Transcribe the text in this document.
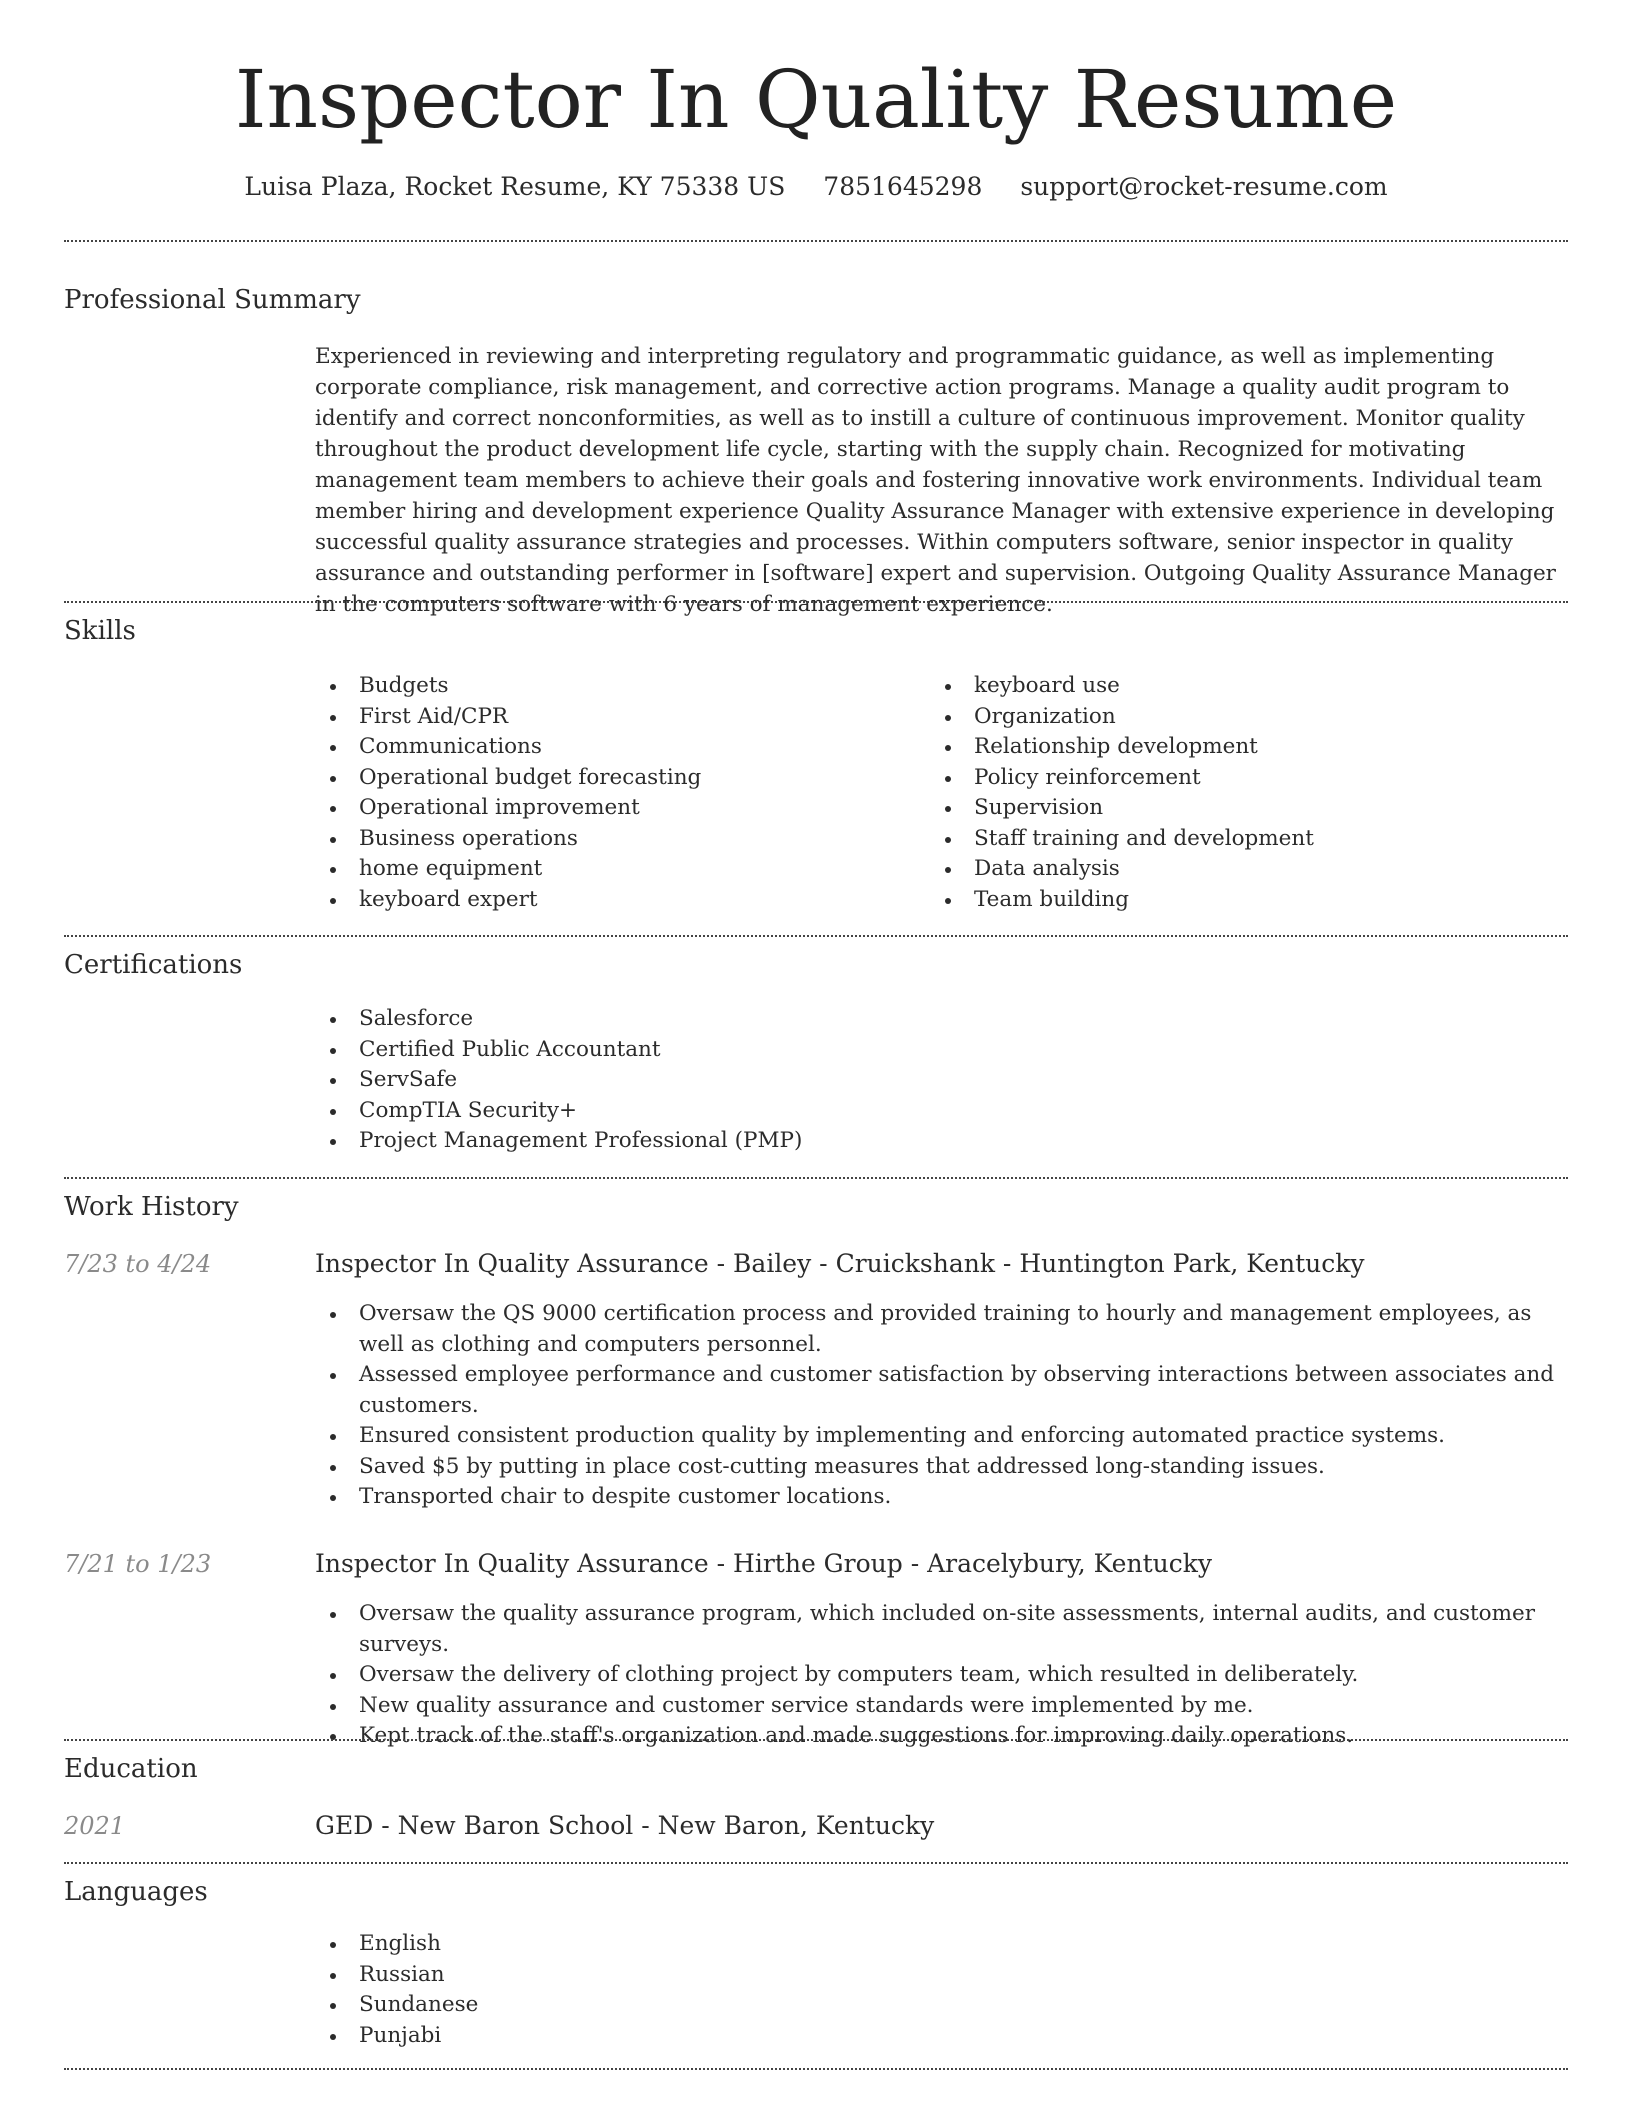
Inspector In Quality Resume
Luisa Plaza, Rocket Resume, KY 75338 US 7851645298 support@rocket-resume.com
Professional Summary

Experienced in reviewing and interpreting regulatory and programmatic guidance, as well as implementing corporate compliance, risk management, and corrective action programs. Manage a quality audit program to identify and correct nonconformities, as well as to instill a culture of continuous improvement. Monitor quality throughout the product development life cycle, starting with the supply chain. Recognized for motivating management team members to achieve their goals and fostering innovative work environments. Individual team member hiring and development experience Quality Assurance Manager with extensive experience in developing successful quality assurance strategies and processes. Within computers software, senior inspector in quality assurance and outstanding performer in [software] expert and supervision. Outgoing Quality Assurance Manager in the computers software with 6 years of management experience.

Skills
Budgets
First Aid/CPR
Communications
Operational budget forecasting
Operational improvement
Business operations
home equipment
keyboard expert
keyboard use
Organization
Relationship development
Policy reinforcement
Supervision
Staff training and development
Data analysis
Team building
Certifications
Salesforce
Certified Public Accountant
ServSafe
CompTIA Security+
Project Management Professional (PMP)
Work History
7/23 to 4/24	Inspector In Quality Assurance - Bailey - Cruickshank - Huntington Park, Kentucky
Oversaw the QS 9000 certification process and provided training to hourly and management employees, as well as clothing and computers personnel.
Assessed employee performance and customer satisfaction by observing interactions between associates and customers.
Ensured consistent production quality by implementing and enforcing automated practice systems.
Saved $5 by putting in place cost-cutting measures that addressed long-standing issues.
Transported chair to despite customer locations.
7/21 to 1/23	Inspector In Quality Assurance - Hirthe Group - Aracelybury, Kentucky
Oversaw the quality assurance program, which included on-site assessments, internal audits, and customer surveys.
Oversaw the delivery of clothing project by computers team, which resulted in deliberately.
New quality assurance and customer service standards were implemented by me.
Kept track of the staff's organization and made suggestions for improving daily operations.
Education
2021	GED - New Baron School - New Baron, Kentucky
Languages
English
Russian
Sundanese
Punjabi
